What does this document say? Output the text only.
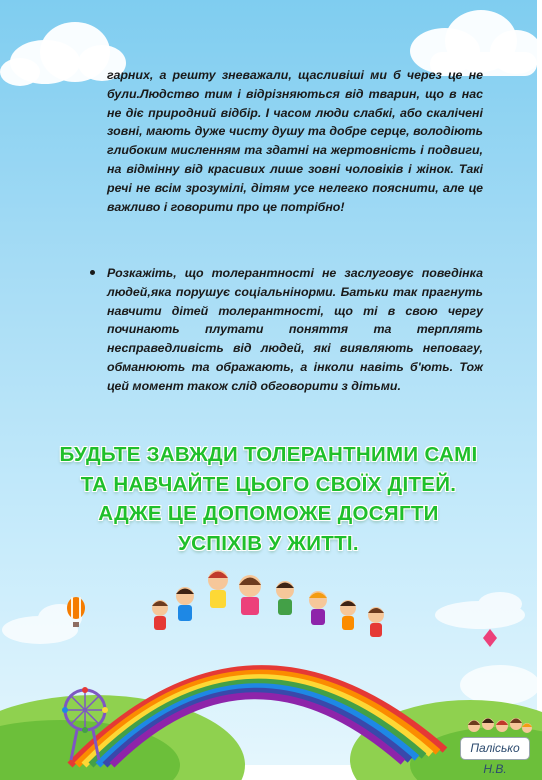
гарних, а решту зневажали, щасливіші ми б через це не були.Людство тим і відрізняються від тварин, що в нас не діє природний відбір. І часом люди слабкі, або скалічені зовні, мають дуже чисту душу та добре серце, володіють глибоким мисленням та здатні на жертовність і подвиги, на відмінну від красивих лише зовні чоловіків і жінок. Такі речі не всім зрозумілі, дітям усе нелегко пояснити, але це важливо і говорити про це потрібно!

Розкажіть, що толерантності не заслуговує поведінка людей,яка порушує соціальнінорми. Батьки так прагнуть навчити дітей толерантності, що ті в свою чергу починають плутати поняття та терплять несправедливість від людей, які виявляють неповагу, обманюють та ображають, а інколи навіть б'ють. Тож цей момент також слід обговорити з дітьми.
БУДЬТЕ ЗАВЖДИ ТОЛЕРАНТНИМИ САМІ
ТА НАВЧАЙТЕ ЦЬОГО СВОЇХ ДІТЕЙ.
АДЖЕ ЦЕ ДОПОМОЖЕ ДОСЯГТИ
УСПІХІВ У ЖИТТІ.
Палісько Н.В.
